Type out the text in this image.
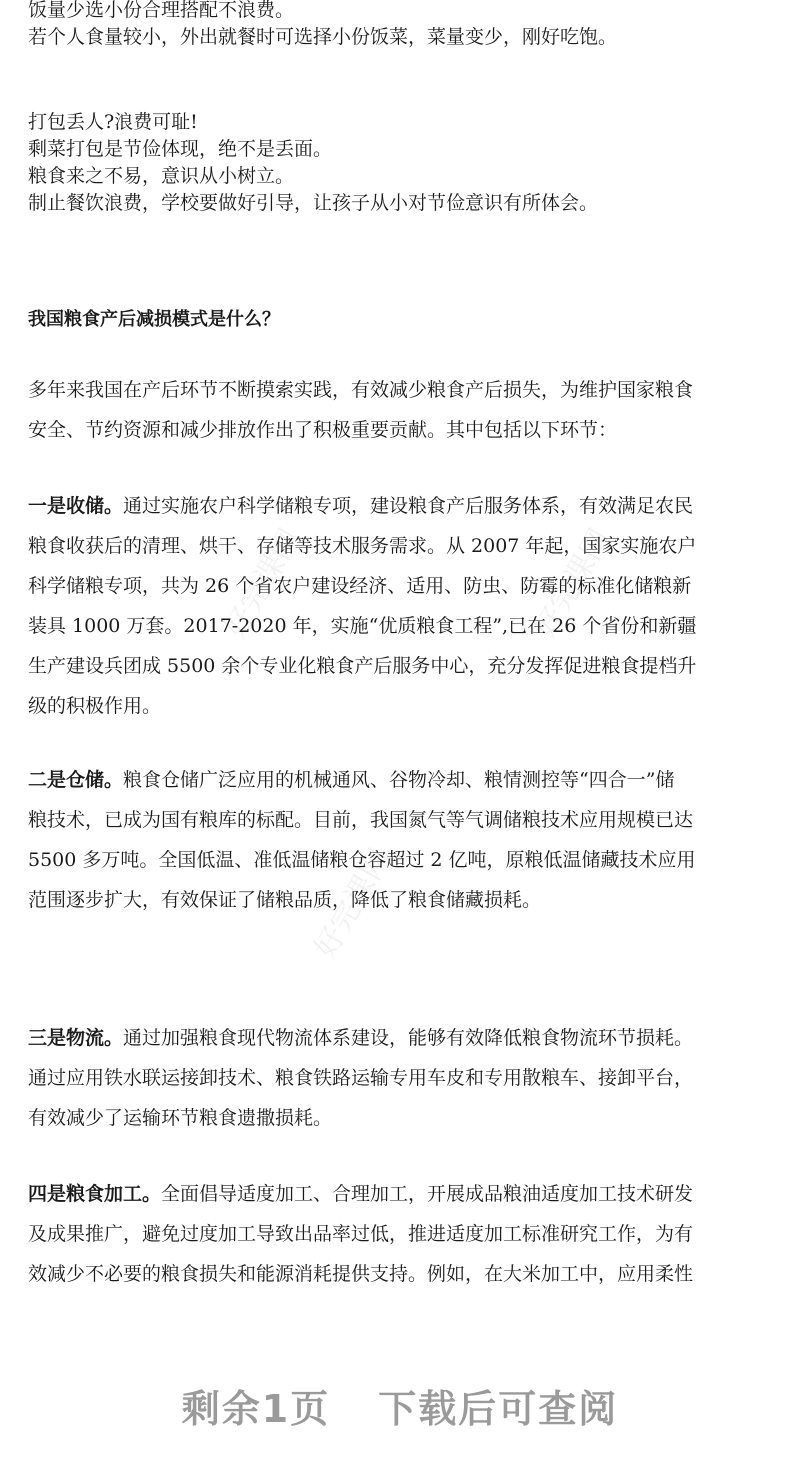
好完课网
好完课网
好完课网

饭量少选小份合理搭配不浪费。

若个人食量较小，外出就餐时可选择小份饭菜，菜量变少，刚好吃饱。

打包丢人?浪费可耻!

剩菜打包是节俭体现，绝不是丢面。

粮食来之不易，意识从小树立。

制止餐饮浪费，学校要做好引导，让孩子从小对节俭意识有所体会。

我国粮食产后减损模式是什么？

多年来我国在产后环节不断摸索实践，有效减少粮食产后损失，为维护国家粮食

安全、节约资源和减少排放作出了积极重要贡献。其中包括以下环节：

一是收储。通过实施农户科学储粮专项，建设粮食产后服务体系，有效满足农民

粮食收获后的清理、烘干、存储等技术服务需求。从 2007 年起，国家实施农户

科学储粮专项，共为 26 个省农户建设经济、适用、防虫、防霉的标准化储粮新

装具 1000 万套。2017-2020 年，实施“优质粮食工程”,已在 26 个省份和新疆

生产建设兵团成 5500 余个专业化粮食产后服务中心，充分发挥促进粮食提档升

级的积极作用。

二是仓储。粮食仓储广泛应用的机械通风、谷物冷却、粮情测控等“四合一”储

粮技术，已成为国有粮库的标配。目前，我国氮气等气调储粮技术应用规模已达

5500 多万吨。全国低温、准低温储粮仓容超过 2 亿吨，原粮低温储藏技术应用

范围逐步扩大，有效保证了储粮品质，降低了粮食储藏损耗。

三是物流。通过加强粮食现代物流体系建设，能够有效降低粮食物流环节损耗。

通过应用铁水联运接卸技术、粮食铁路运输专用车皮和专用散粮车、接卸平台，

有效减少了运输环节粮食遗撒损耗。

四是粮食加工。全面倡导适度加工、合理加工，开展成品粮油适度加工技术研发

及成果推广，避免过度加工导致出品率过低，推进适度加工标准研究工作，为有

效减少不必要的粮食损失和能源消耗提供支持。例如，在大米加工中，应用柔性

剩余1页 下载后可查阅
